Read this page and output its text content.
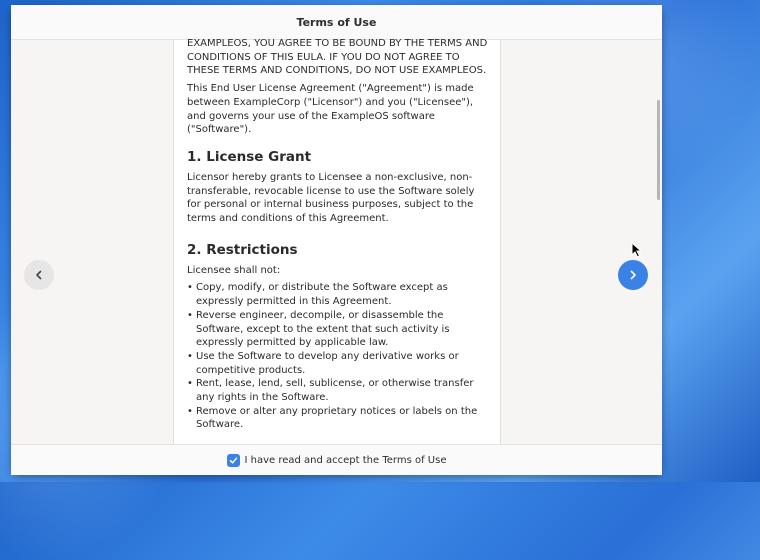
Terms of Use

EXAMPLEOS, YOU AGREE TO BE BOUND BY THE TERMS AND CONDITIONS OF THIS EULA. IF YOU DO NOT AGREE TO THESE TERMS AND CONDITIONS, DO NOT USE EXAMPLEOS.

This End User License Agreement ("Agreement") is made between ExampleCorp ("Licensor") and you ("Licensee"), and governs your use of the ExampleOS software ("Software").

1. License Grant

Licensor hereby grants to Licensee a non-exclusive, non-transferable, revocable license to use the Software solely for personal or internal business purposes, subject to the terms and conditions of this Agreement.

2. Restrictions

Licensee shall not:

• Copy, modify, or distribute the Software except as expressly permitted in this Agreement.
• Reverse engineer, decompile, or disassemble the Software, except to the extent that such activity is expressly permitted by applicable law.
• Use the Software to develop any derivative works or competitive products.
• Rent, lease, lend, sell, sublicense, or otherwise transfer any rights in the Software.
• Remove or alter any proprietary notices or labels on the Software.
I have read and accept the Terms of Use
